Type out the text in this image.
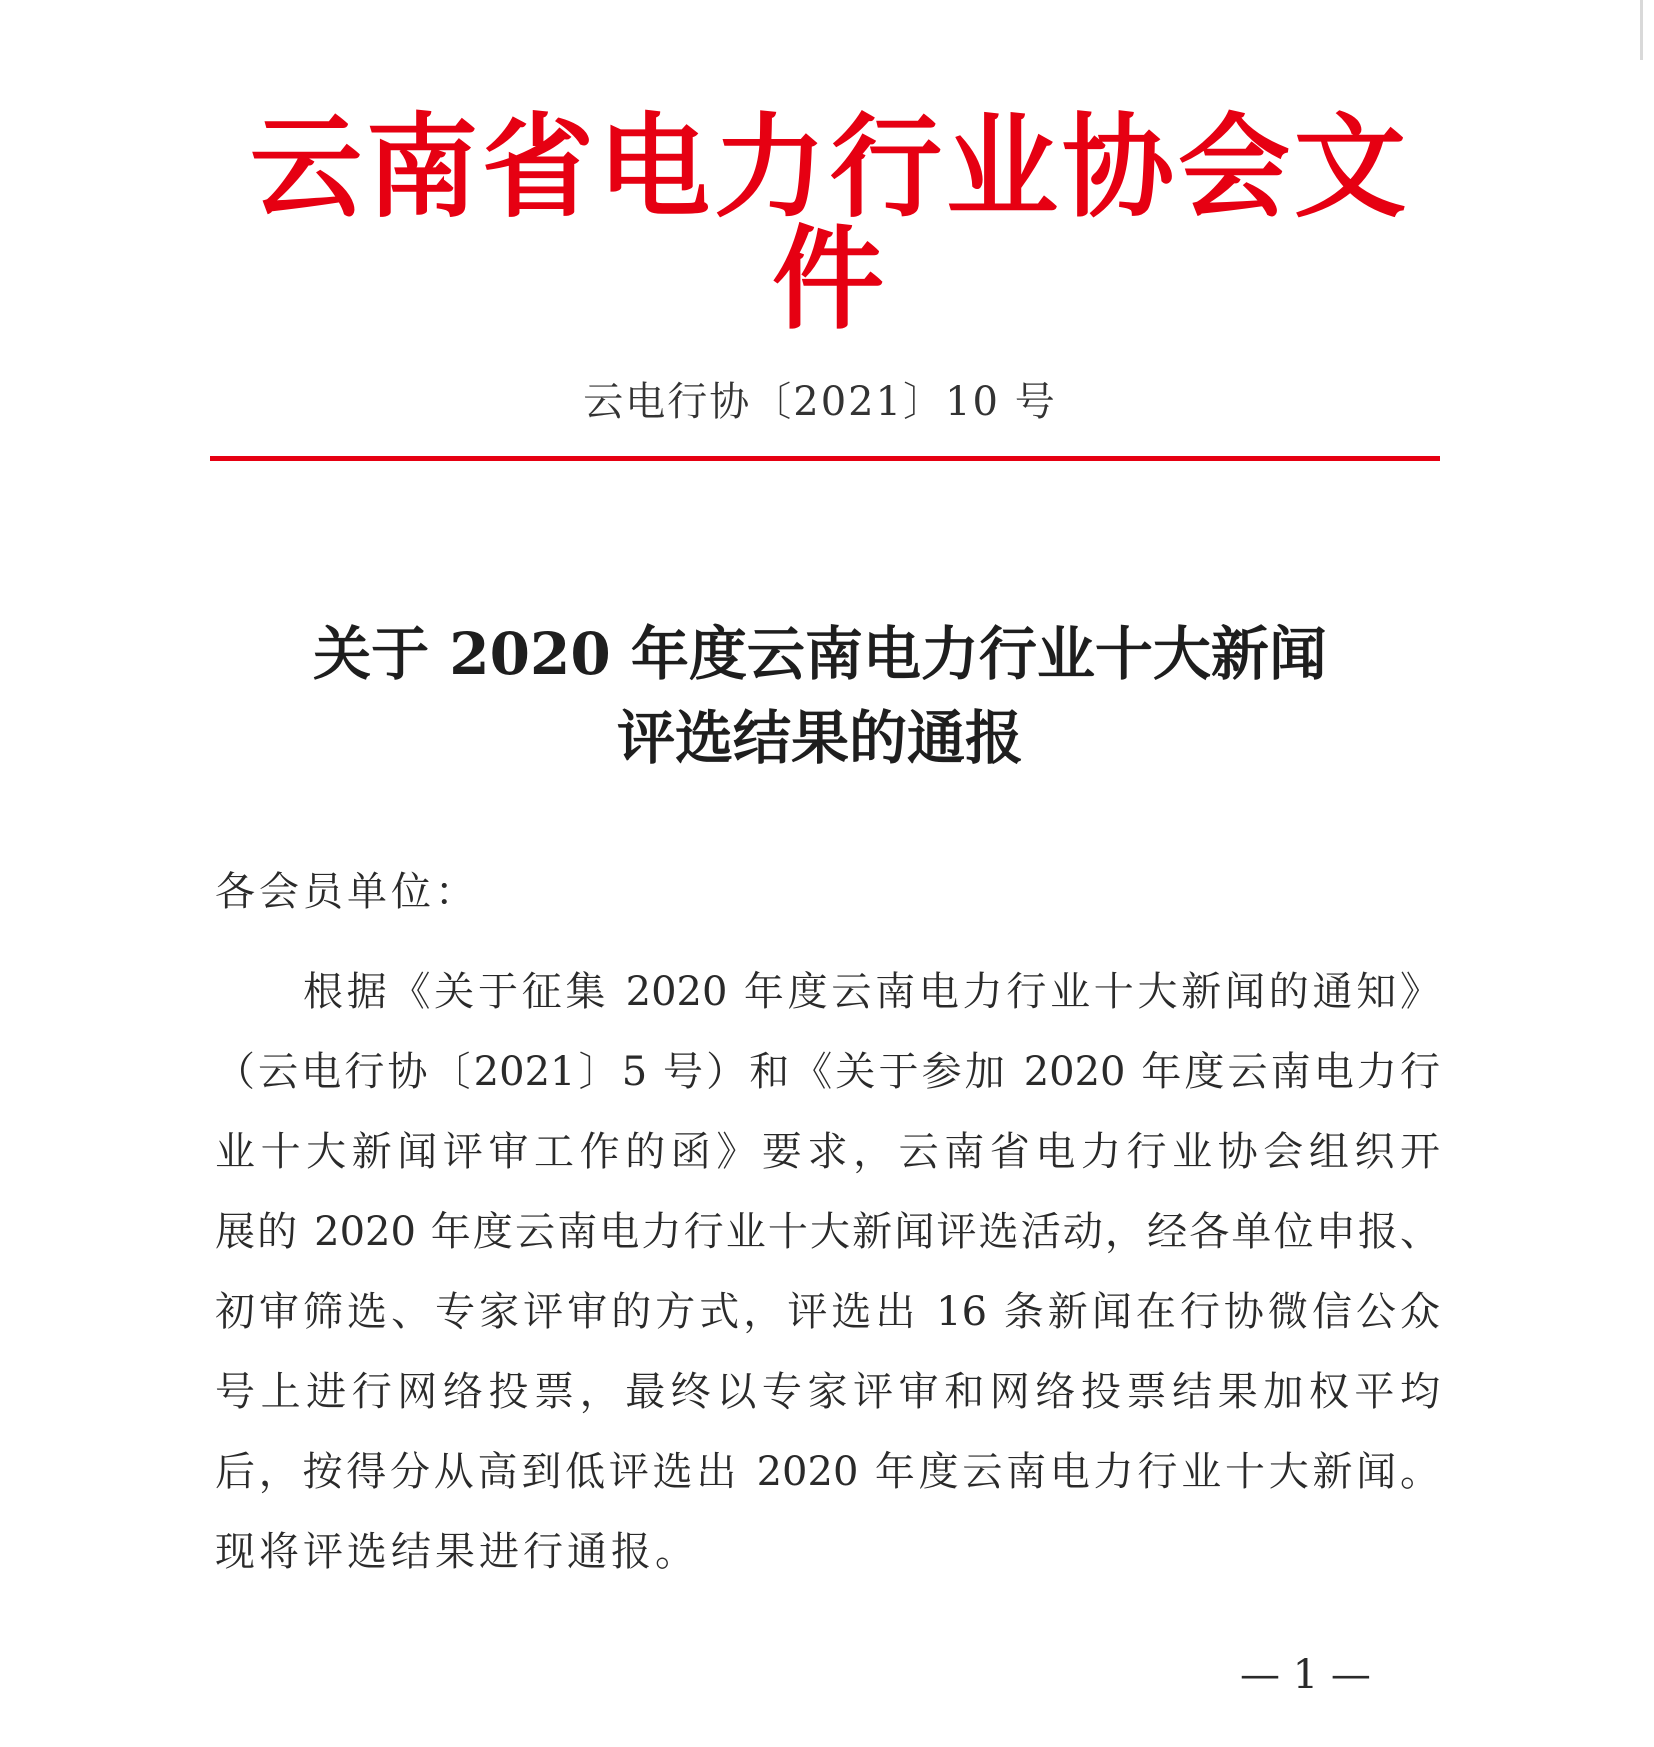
云南省电力行业协会文件
云电行协〔2021〕10 号
关于 2020 年度云南电力行业十大新闻
评选结果的通报
各会员单位：
根据《关于征集 2020 年度云南电力行业十大新闻的通知》
（云电行协〔2021〕5 号）和《关于参加 2020 年度云南电力行
业十大新闻评审工作的函》要求，云南省电力行业协会组织开
展的 2020 年度云南电力行业十大新闻评选活动，经各单位申报、
初审筛选、专家评审的方式，评选出 16 条新闻在行协微信公众
号上进行网络投票，最终以专家评审和网络投票结果加权平均
后，按得分从高到低评选出 2020 年度云南电力行业十大新闻。
现将评选结果进行通报。
— 1 —
